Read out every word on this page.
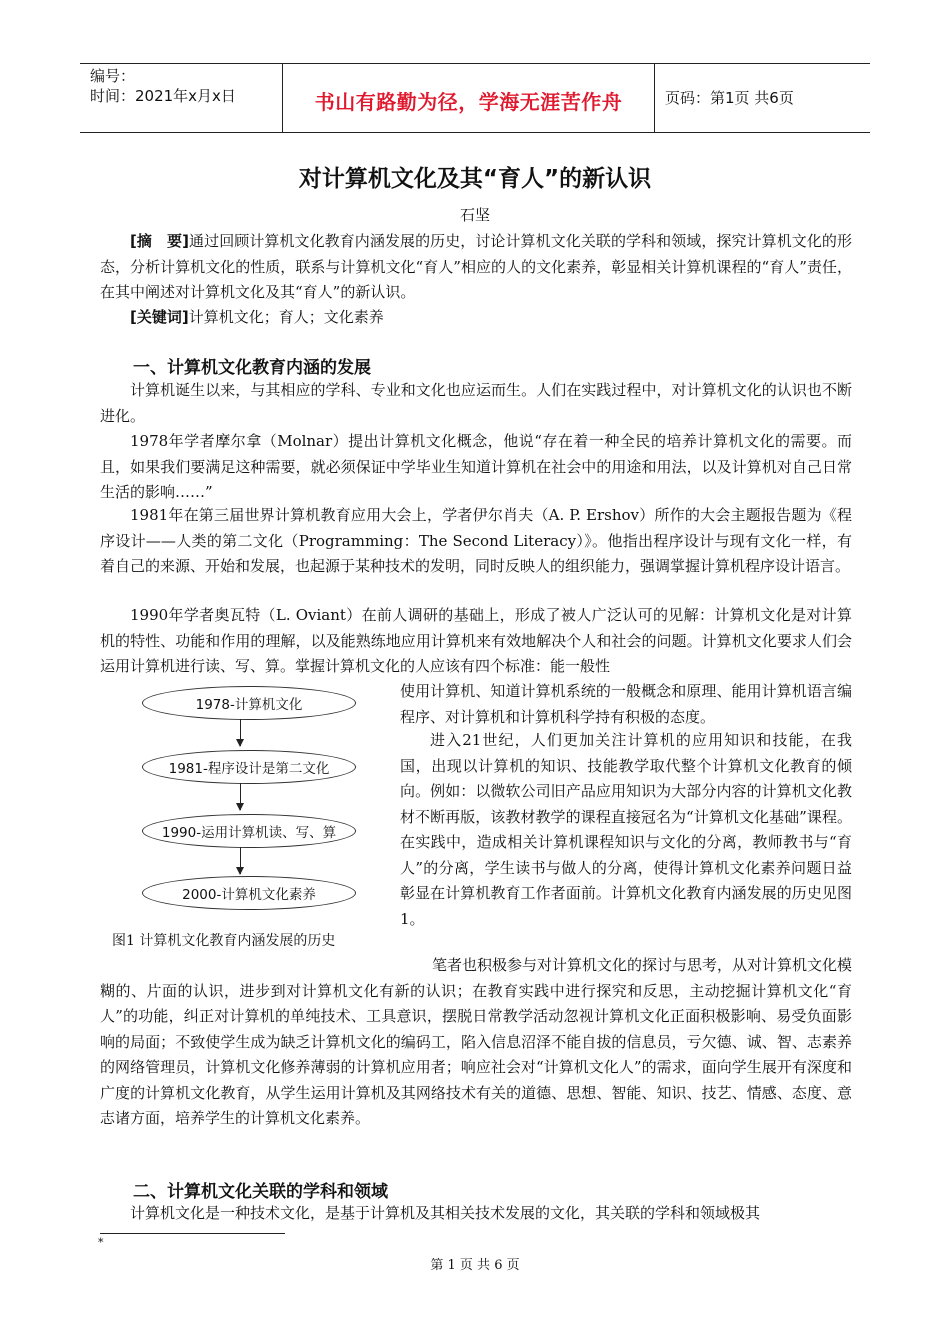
编号：
时间：2021年x月x日	书山有路勤为径，学海无涯苦作舟	页码：第1页 共6页
对计算机文化及其“育人”的新认识
石坚

[摘　要]通过回顾计算机文化教育内涵发展的历史，讨论计算机文化关联的学科和领域，探究计算机文化的形态，分析计算机文化的性质，联系与计算机文化“育人”相应的人的文化素养，彰显相关计算机课程的“育人”责任，在其中阐述对计算机文化及其“育人”的新认识。

[关键词]计算机文化；育人；文化素养

一、计算机文化教育内涵的发展

计算机诞生以来，与其相应的学科、专业和文化也应运而生。人们在实践过程中，对计算机文化的认识也不断进化。

1978年学者摩尔拿（Molnar）提出计算机文化概念，他说“存在着一种全民的培养计算机文化的需要。而且，如果我们要满足这种需要，就必须保证中学毕业生知道计算机在社会中的用途和用法，以及计算机对自己日常生活的影响……”

1981年在第三届世界计算机教育应用大会上，学者伊尔肖夫（A. P. Ershov）所作的大会主题报告题为《程序设计——人类的第二文化（Programming：The Second Literacy）》。他指出程序设计与现有文化一样，有着自己的来源、开始和发展，也起源于某种技术的发明，同时反映人的组织能力，强调掌握计算机程序设计语言。

1990年学者奥瓦特（L. Oviant）在前人调研的基础上，形成了被人广泛认可的见解：计算机文化是对计算机的特性、功能和作用的理解，以及能熟练地应用计算机来有效地解决个人和社会的问题。计算机文化要求人们会运用计算机进行读、写、算。掌握计算机文化的人应该有四个标准：能一般性

使用计算机、知道计算机系统的一般概念和原理、能用计算机语言编程序、对计算机和计算机科学持有积极的态度。

进入21世纪，人们更加关注计算机的应用知识和技能，在我国，出现以计算机的知识、技能教学取代整个计算机文化教育的倾向。例如：以微软公司旧产品应用知识为大部分内容的计算机文化教材不断再版，该教材教学的课程直接冠名为“计算机文化基础”课程。在实践中，造成相关计算机课程知识与文化的分离，教师教书与“育人”的分离，学生读书与做人的分离，使得计算机文化素养问题日益彰显在计算机教育工作者面前。计算机文化教育内涵发展的历史见图1。

1978-计算机文化
1981-程序设计是第二文化
1990-运用计算机读、写、算
2000-计算机文化素养
图1 计算机文化教育内涵发展的历史

笔者也积极参与对计算机文化的探讨与思考，从对计算机文化模糊的、片面的认识，进步到对计算机文化有新的认识；在教育实践中进行探究和反思，主动挖掘计算机文化“育人”的功能，纠正对计算机的单纯技术、工具意识，摆脱日常教学活动忽视计算机文化正面积极影响、易受负面影响的局面；不致使学生成为缺乏计算机文化的编码工，陷入信息沼泽不能自拔的信息员，亏欠德、诚、智、志素养的网络管理员，计算机文化修养薄弱的计算机应用者；响应社会对“计算机文化人”的需求，面向学生展开有深度和广度的计算机文化教育，从学生运用计算机及其网络技术有关的道德、思想、智能、知识、技艺、情感、态度、意志诸方面，培养学生的计算机文化素养。

二、计算机文化关联的学科和领域

计算机文化是一种技术文化，是基于计算机及其相关技术发展的文化，其关联的学科和领域极其

*
第 1 页 共 6 页
